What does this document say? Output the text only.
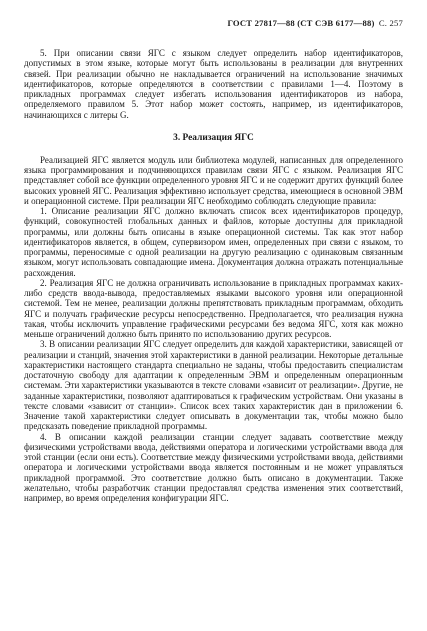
ГОСТ 27817—88 (СТ СЭВ 6177—88) С. 257

5. При описании связи ЯГС с языком следует определить набор идентификаторов, допустимых в этом языке, которые могут быть использованы в реализации для внутренних связей. При реализации обычно не накладывается ограничений на использование значимых идентификаторов, которые определяются в соответствии с правилами 1—4. Поэтому в прикладных программах следует избегать использования идентификаторов из набора, определяемого правилом 5. Этот набор может состоять, например, из идентификаторов, начинающихся с литеры G.

3. Реализация ЯГС

Реализацией ЯГС является модуль или библиотека модулей, написанных для определенного языка программирования и подчиняющихся правилам связи ЯГС с языком. Реализация ЯГС представляет собой все функции определенного уровня ЯГС и не содержит других функций более высоких уровней ЯГС. Реализация эффективно использует средства, имеющиеся в основной ЭВМ и операционной системе. При реализации ЯГС необходимо соблюдать следующие правила:

1. Описание реализации ЯГС должно включать список всех идентификаторов процедур, функций, совокупностей глобальных данных и файлов, которые доступны для прикладной программы, или должны быть описаны в языке операционной системы. Так как этот набор идентификаторов является, в общем, супервизором имен, определенных при связи с языком, то программы, переносимые с одной реализации на другую реализацию с одинаковым связанным языком, могут использовать совпадающие имена. Документация должна отражать потенциальные расхождения.

2. Реализация ЯГС не должна ограничивать использование в прикладных программах каких-либо средств ввода-вывода, предоставляемых языками высокого уровня или операционной системой. Тем не менее, реализации должны препятствовать прикладным программам, обходить ЯГС и получать графические ресурсы непосредственно. Предполагается, что реализация нужна такая, чтобы исключить управление графическими ресурсами без ведома ЯГС, хотя как можно меньше ограничений должно быть принято по использованию других ресурсов.

3. В описании реализации ЯГС следует определить для каждой характеристики, зависящей от реализации и станций, значения этой характеристики в данной реализации. Некоторые детальные характеристики настоящего стандарта специально не заданы, чтобы предоставить специалистам достаточную свободу для адаптации к определенным ЭВМ и определенным операционным системам. Эти характеристики указываются в тексте словами «зависит от реализации». Другие, не заданные характеристики, позволяют адаптироваться к графическим устройствам. Они указаны в тексте словами «зависит от станции». Список всех таких характеристик дан в приложении 6. Значение такой характеристики следует описывать в документации так, чтобы можно было предсказать поведение прикладной программы.

4. В описании каждой реализации станции следует задавать соответствие между физическими устройствами ввода, действиями оператора и логическими устройствами ввода для этой станции (если они есть). Соответствие между физическими устройствами ввода, действиями оператора и логическими устройствами ввода является постоянным и не может управляться прикладной программой. Это соответствие должно быть описано в документации. Также желательно, чтобы разработчик станции предоставлял средства изменения этих соответствий, например, во время определения конфигурации ЯГС.
